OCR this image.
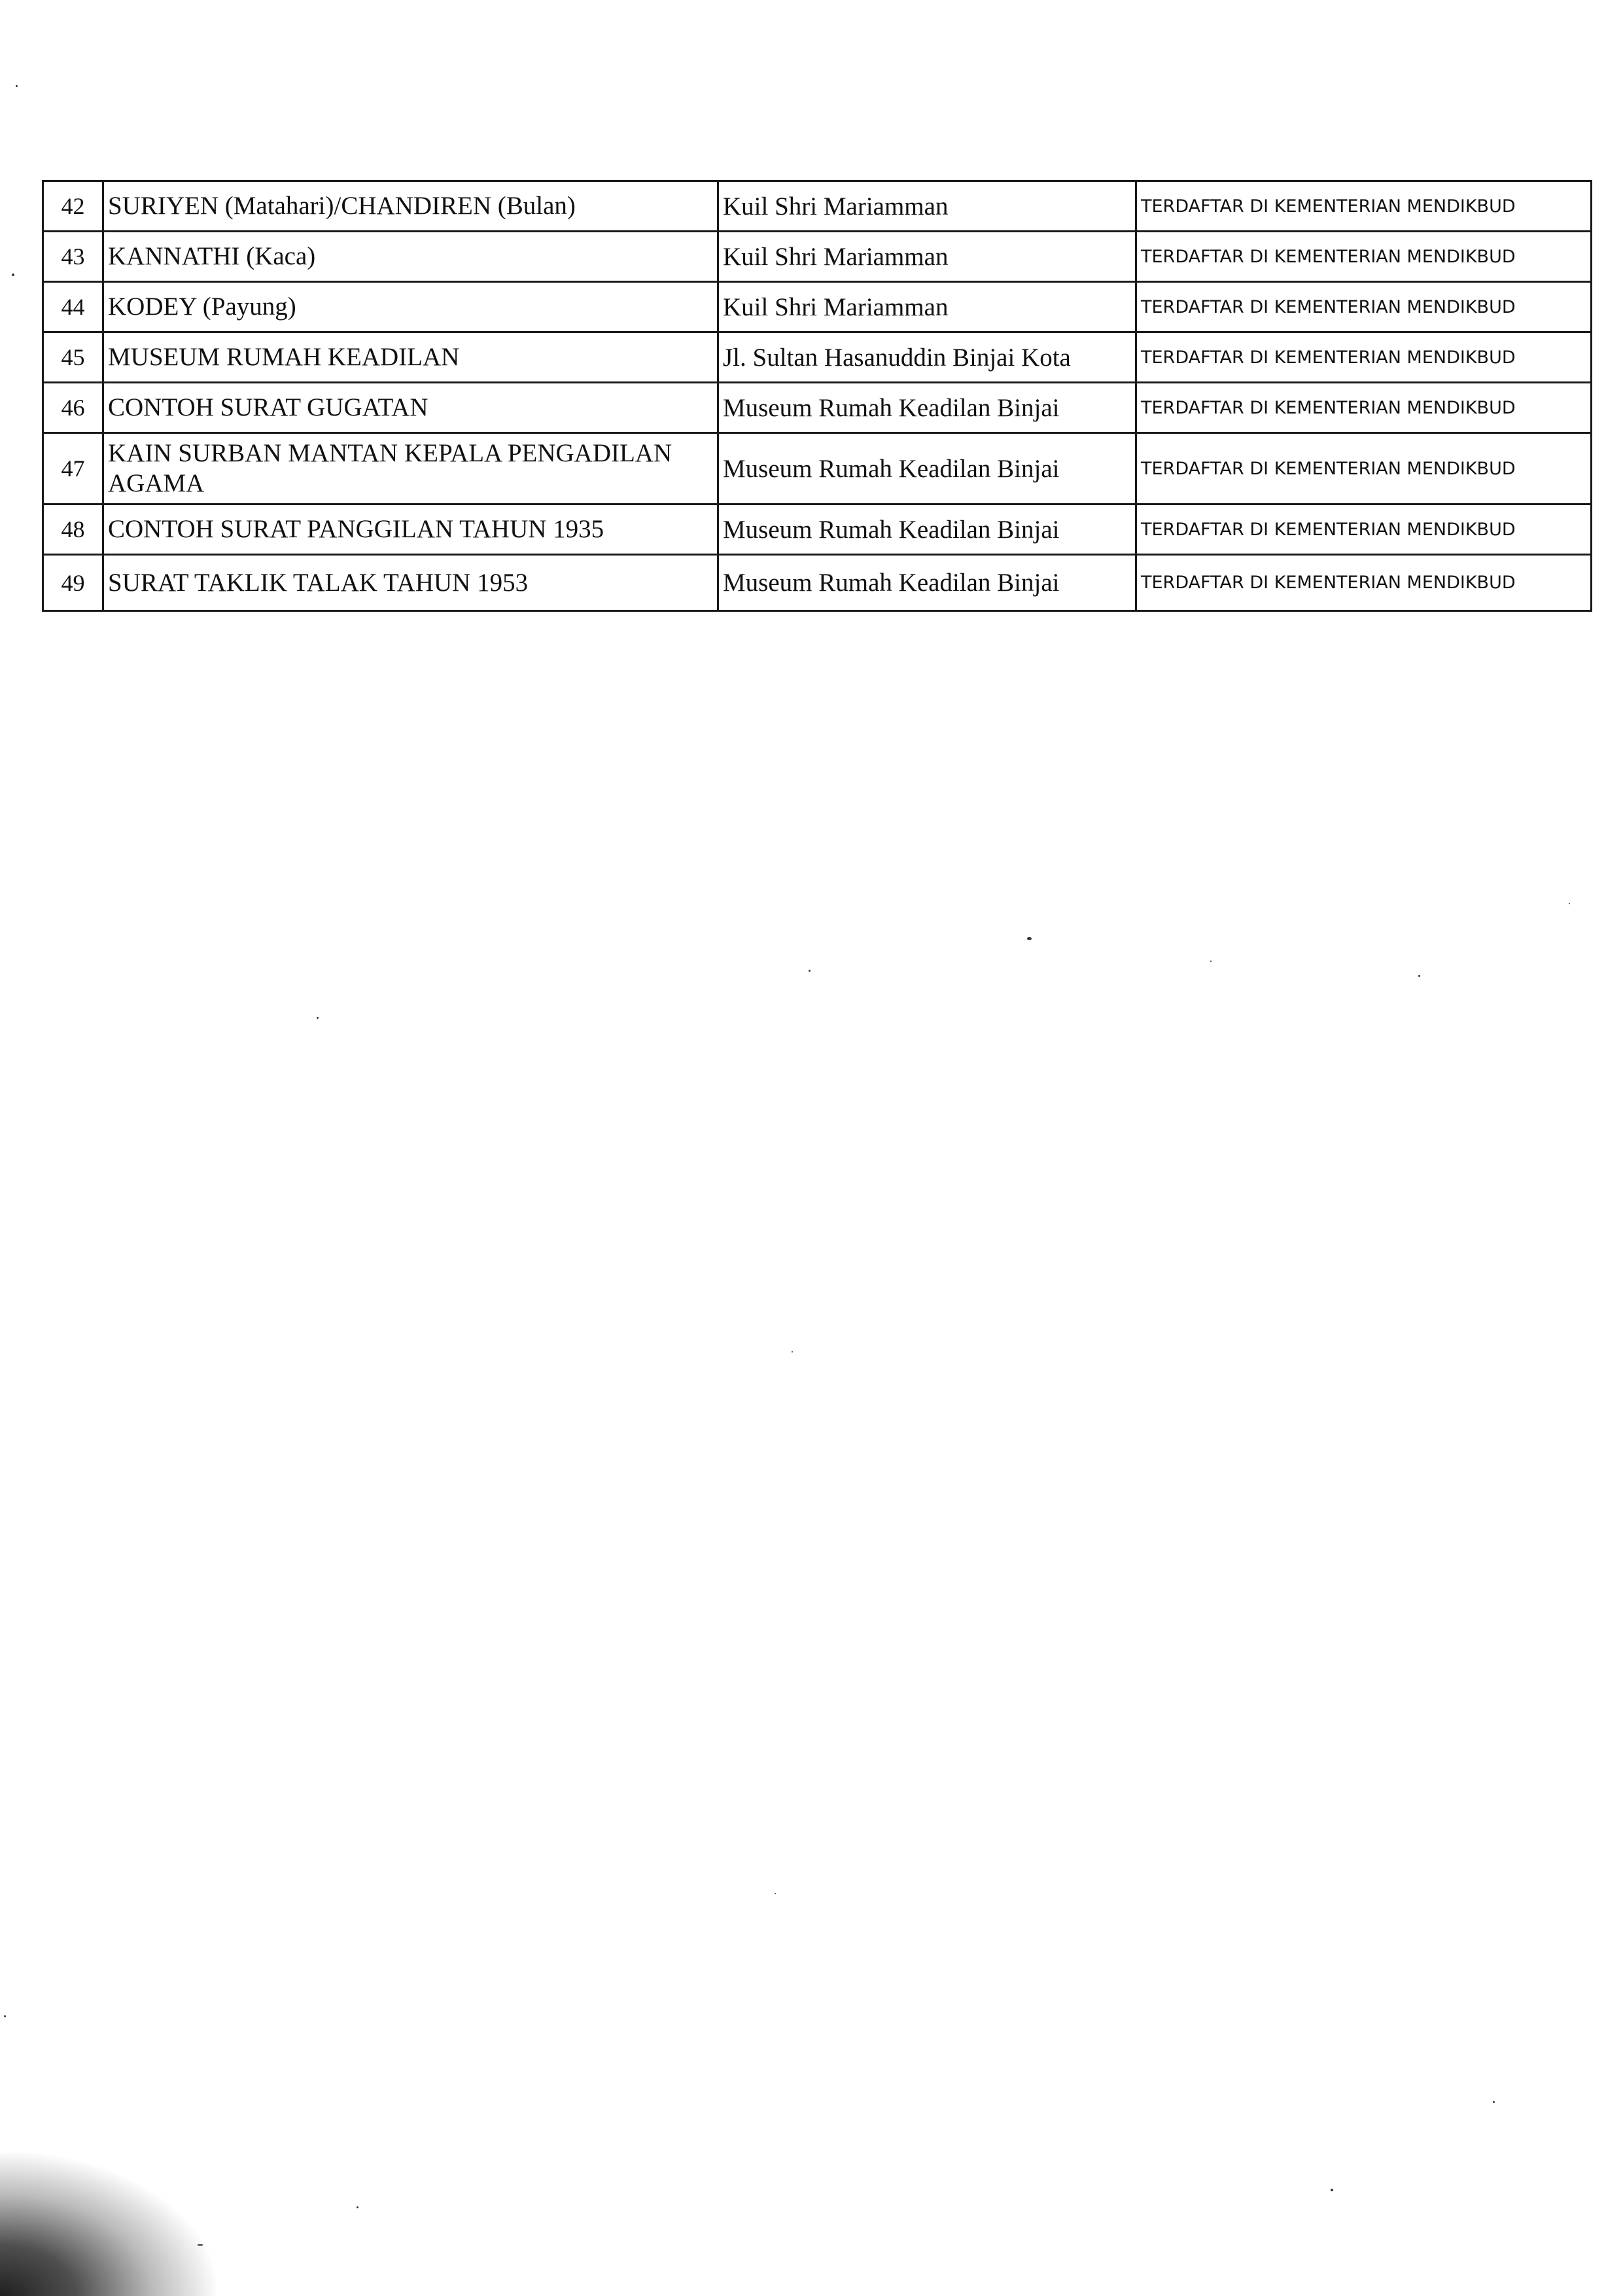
42	SURIYEN (Matahari)/CHANDIREN (Bulan)	Kuil Shri Mariamman	TERDAFTAR DI KEMENTERIAN MENDIKBUD
43	KANNATHI (Kaca)	Kuil Shri Mariamman	TERDAFTAR DI KEMENTERIAN MENDIKBUD
44	KODEY (Payung)	Kuil Shri Mariamman	TERDAFTAR DI KEMENTERIAN MENDIKBUD
45	MUSEUM RUMAH KEADILAN	Jl. Sultan Hasanuddin Binjai Kota	TERDAFTAR DI KEMENTERIAN MENDIKBUD
46	CONTOH SURAT GUGATAN	Museum Rumah Keadilan Binjai	TERDAFTAR DI KEMENTERIAN MENDIKBUD
47	KAIN SURBAN MANTAN KEPALA PENGADILAN AGAMA	Museum Rumah Keadilan Binjai	TERDAFTAR DI KEMENTERIAN MENDIKBUD
48	CONTOH SURAT PANGGILAN TAHUN 1935	Museum Rumah Keadilan Binjai	TERDAFTAR DI KEMENTERIAN MENDIKBUD
49	SURAT TAKLIK TALAK TAHUN 1953	Museum Rumah Keadilan Binjai	TERDAFTAR DI KEMENTERIAN MENDIKBUD
